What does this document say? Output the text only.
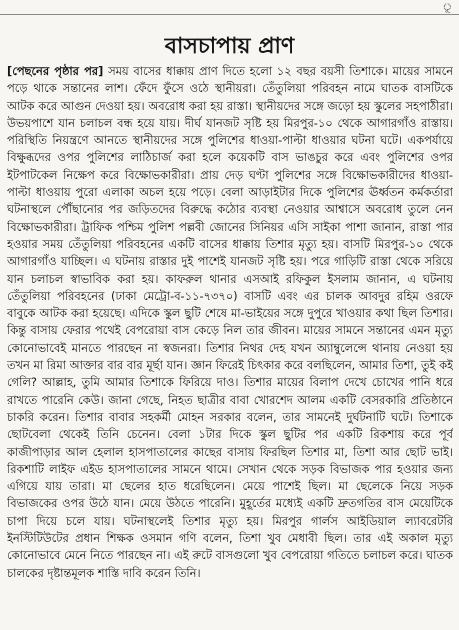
ূ
বাসচাপায় প্রাণ

[পেছনের পৃষ্ঠার পর] সময় বাসের ধাক্কায় প্রাণ দিতে হলো ১২ বছর বয়সী তিশাকে। মায়ের সামনে পড়ে থাকে সন্তানের লাশ। ফেঁদে ফুঁসে ওঠে স্থানীয়রা। তেঁতুলিয়া পরিবহন নামে ঘাতক বাসটিকে আটক করে আগুন দেওয়া হয়। অবরোধ করা হয় রাস্তা। স্থানীয়দের সঙ্গে জড়ো হয় স্কুলের সহপাঠীরা। উভয়পাশে যান চলাচল বন্ধ হয়ে যায়। দীর্ঘ যানজট সৃষ্টি হয় মিরপুর-১০ থেকে আগারগাঁও রাস্তায়। পরিস্থিতি নিয়ন্ত্রণে আনতে স্থানীয়দের সঙ্গে পুলিশের ধাওয়া-পাল্টা ধাওয়ার ঘটনা ঘটে। একপর্যায়ে বিক্ষুব্ধদের ওপর পুলিশের লাঠিচার্জ করা হলে কয়েকটি বাস ভাঙচুর করে এবং পুলিশের ওপর ইটপাটকেল নিক্ষেপ করে বিক্ষোভকারীরা। প্রায় দেড় ঘণ্টা পুলিশের সঙ্গে বিক্ষোভকারীদের ধাওয়া-পাল্টা ধাওয়ায় পুরো এলাকা অচল হয়ে পড়ে। বেলা আড়াইটার দিকে পুলিশের ঊর্ধ্বতন কর্মকর্তারা ঘটনাস্থলে পৌঁছানোর পর জড়িতদের বিরুদ্ধে কঠোর ব্যবস্থা নেওয়ার আশ্বাসে অবরোধ তুলে নেন বিক্ষোভকারীরা। ট্রাফিক পশ্চিম পুলিশ পল্লবী জোনের সিনিয়র এসি সাইকা পাশা জানান, রাস্তা পার হওয়ার সময় তেঁতুলিয়া পরিবহনের একটি বাসের ধাক্কায় তিশার মৃত্যু হয়। বাসটি মিরপুর-১০ থেকে আগারগাঁও যাচ্ছিল। এ ঘটনায় রাস্তার দুই পাশেই যানজট সৃষ্টি হয়। পরে গাড়িটি রাস্তা থেকে সরিয়ে যান চলাচল স্বাভাবিক করা হয়। কাফরুল থানার এসআই রফিকুল ইসলাম জানান, এ ঘটনায় তেঁতুলিয়া পরিবহনের (ঢাকা মেট্রো-ব-১১-৭৩৭০) বাসটি এবং এর চালক আবদুর রহিম ওরফে বাবুকে আটক করা হয়েছে। এদিকে স্কুল ছুটি শেষে মা-ভাইয়ের সঙ্গে দুপুরে খাওয়ার কথা ছিল তিশার। কিন্তু বাসায় ফেরার পথেই বেপরোয়া বাস কেড়ে নিল তার জীবন। মায়ের সামনে সন্তানের এমন মৃত্যু কোনোভাবেই মানতে পারছেন না স্বজনরা। তিশার নিথর দেহ যখন অ্যাম্বুলেন্সে থানায় নেওয়া হয় তখন মা রিমা আক্তার বার বার মূর্ছা যান। জ্ঞান ফিরেই চিৎকার করে বলছিলেন, আমার তিশা, তুই কই গেলি? আল্লাহ, তুমি আমার তিশাকে ফিরিয়ে দাও। তিশার মায়ের বিলাপ দেখে চোখের পানি ধরে রাখতে পারেনি কেউ। জানা গেছে, নিহত ছাত্রীর বাবা খোরশেদ আলম একটি বেসরকারি প্রতিষ্ঠানে চাকরি করেন। তিশার বাবার সহকর্মী মোহন সরকার বলেন, তার সামনেই দুর্ঘটনাটি ঘটে। তিশাকে ছোটবেলা থেকেই তিনি চেনেন। বেলা ১টার দিকে স্কুল ছুটির পর একটি রিকশায় করে পূর্ব কাজীপাড়ার আল হেলাল হাসপাতালের কাছের বাসায় ফিরছিল তিশার মা, তিশা আর ছোট ভাই। রিকশাটি লাইফ এইড হাসপাতালের সামনে থামে। সেখান থেকে সড়ক বিভাজক পার হওয়ার জন্য এগিয়ে যায় তারা। মা ছেলের হাত ধরেছিলেন। মেয়ে পাশেই ছিল। মা ছেলেকে নিয়ে সড়ক বিভাজকের ওপর উঠে যান। মেয়ে উঠতে পারেনি। মুহূর্তের মধ্যেই একটি দ্রুতগতির বাস মেয়েটিকে চাপা দিয়ে চলে যায়। ঘটনাস্থলেই তিশার মৃত্যু হয়। মিরপুর গার্লস আইডিয়াল ল্যাবরেটরি ইনস্টিটিউটের প্রধান শিক্ষক ওসমান গণি বলেন, তিশা খুব মেধাবী ছিল। তার এই অকাল মৃত্যু কোনোভাবে মেনে নিতে পারছেন না। এই রুটে বাসগুলো খুব বেপরোয়া গতিতে চলাচল করে। ঘাতক চালকের দৃষ্টান্তমূলক শাস্তি দাবি করেন তিনি।
